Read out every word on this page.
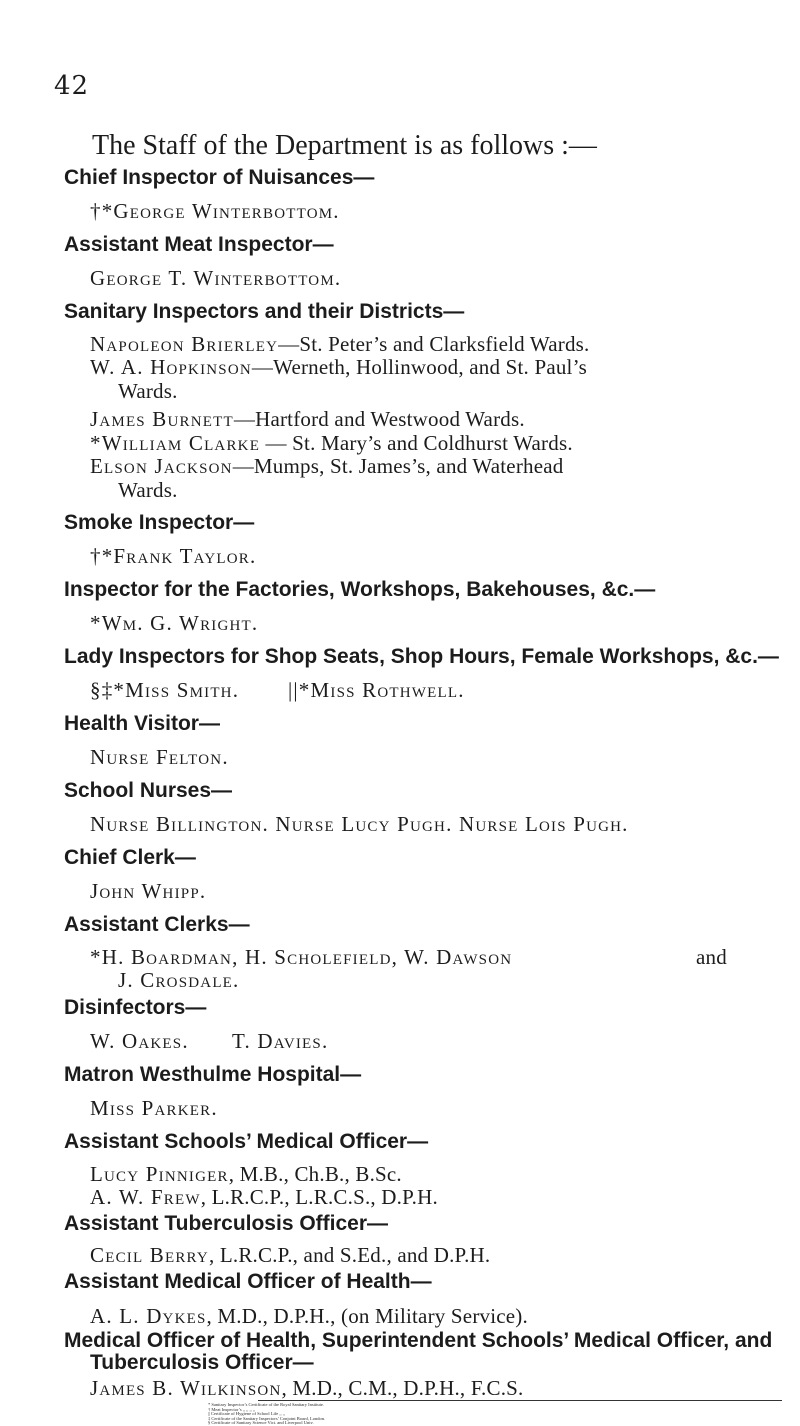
42
The Staff of the Department is as follows :—
Chief Inspector of Nuisances—
†*George Winterbottom.
Assistant Meat Inspector—
George T. Winterbottom.
Sanitary Inspectors and their Districts—
Napoleon Brierley—St. Peter’s and Clarksfield Wards.
W. A. Hopkinson—Werneth, Hollinwood, and St. Paul’s
Wards.
James Burnett—Hartford and Westwood Wards.
*William Clarke — St. Mary’s and Coldhurst Wards.
Elson Jackson—Mumps, St. James’s, and Waterhead
Wards.
Smoke Inspector—
†*Frank Taylor.
Inspector for the Factories, Workshops, Bakehouses, &c.—
*Wm. G. Wright.
Lady Inspectors for Shop Seats, Shop Hours, Female Workshops, &c.—
§‡*Miss Smith. ||*Miss Rothwell.
Health Visitor—
Nurse Felton.
School Nurses—
Nurse Billington. Nurse Lucy Pugh. Nurse Lois Pugh.
Chief Clerk—
John Whipp.
Assistant Clerks—
*H. Boardman, H. Scholefield, W. Dawson	and
J. Crosdale.
Disinfectors—
W. Oakes. T. Davies.
Matron Westhulme Hospital—
Miss Parker.
Assistant Schools’ Medical Officer—
Lucy Pinniger, M.B., Ch.B., B.Sc.
A. W. Frew, L.R.C.P., L.R.C.S., D.P.H.
Assistant Tuberculosis Officer—
Cecil Berry, L.R.C.P., and S.Ed., and D.P.H.
Assistant Medical Officer of Health—
A. L. Dykes, M.D., D.P.H., (on Military Service).
Medical Officer of Health, Superintendent Schools’ Medical Officer, and
Tuberculosis Officer—
James B. Wilkinson, M.D., C.M., D.P.H., F.C.S.
* Sanitary Inspector’s Certificate of the Royal Sanitary Institute.
† Meat Inspector’s ,, ,, ,, ,,
|| Certificate of Hygiene of School Life ,, ,,
‡ Certificate of the Sanitary Inspectors’ Conjoint Board, London.
§ Certificate of Sanitary Science Vict. and Liverpool Univ.
